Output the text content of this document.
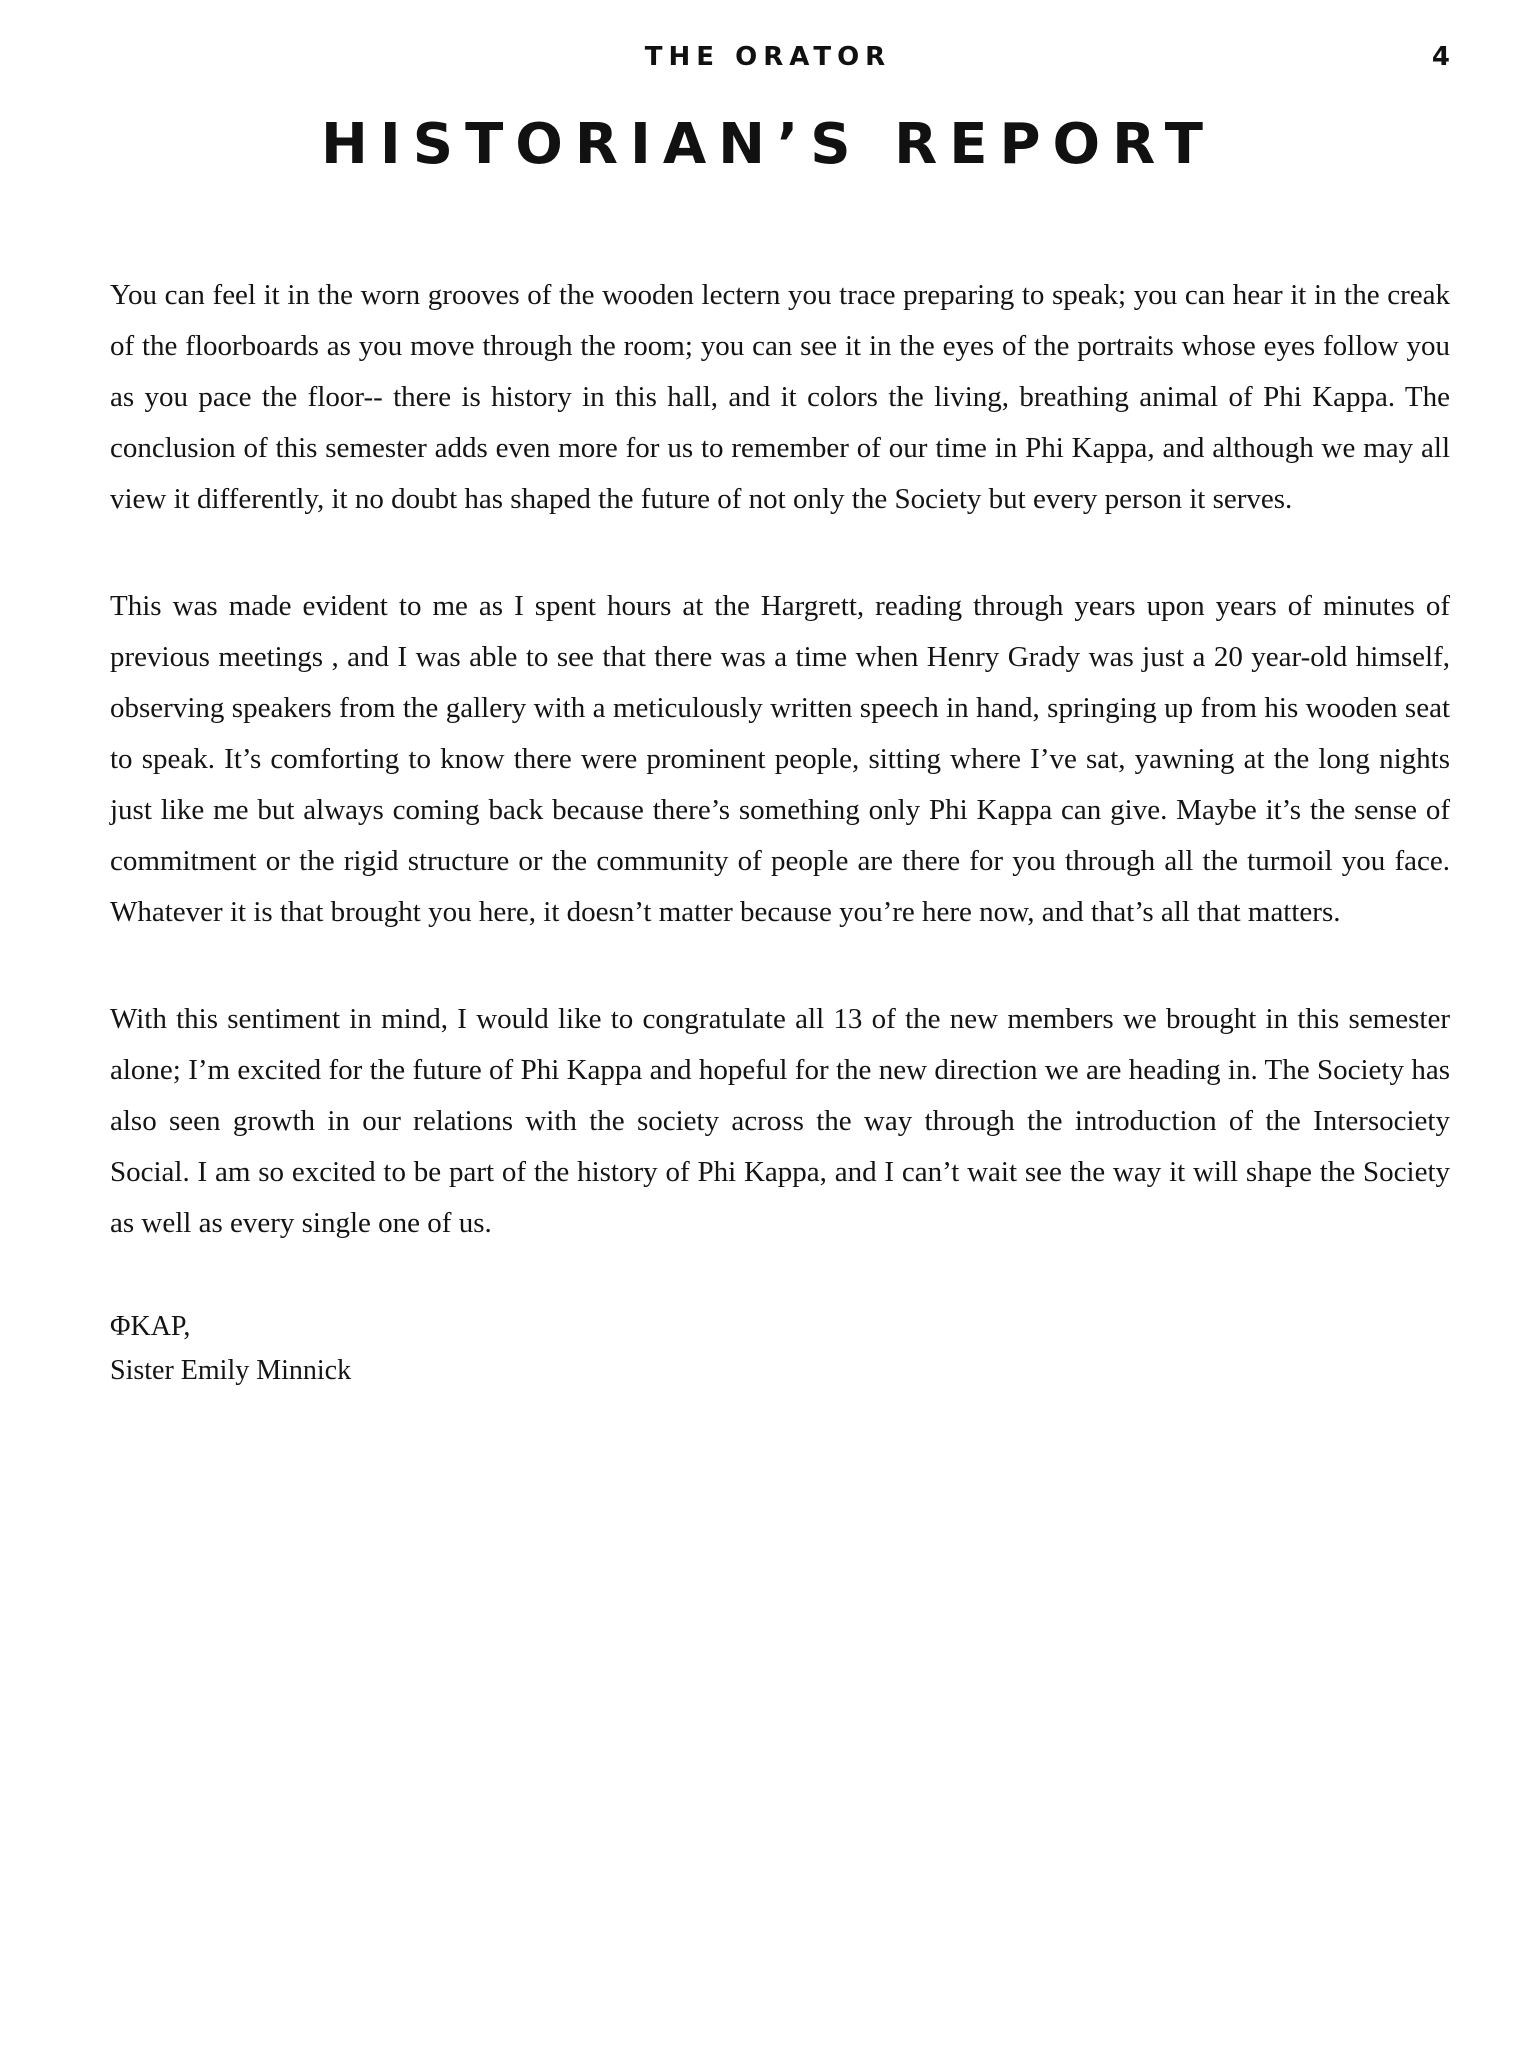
THE ORATOR	4
HISTORIAN’S REPORT

You can feel it in the worn grooves of the wooden lectern you trace preparing to speak; you can hear it in the creak of the floorboards as you move through the room; you can see it in the eyes of the portraits whose eyes follow you as you pace the floor-- there is history in this hall, and it colors the living, breathing animal of Phi Kappa. The conclusion of this semester adds even more for us to remember of our time in Phi Kappa, and although we may all view it differently, it no doubt has shaped the future of not only the Society but every person it serves.

This was made evident to me as I spent hours at the Hargrett, reading through years upon years of minutes of previous meetings , and I was able to see that there was a time when Henry Grady was just a 20 year-old himself, observing speakers from the gallery with a meticulously written speech in hand, springing up from his wooden seat to speak. It’s comforting to know there were prominent people, sitting where I’ve sat, yawning at the long nights just like me but always coming back because there’s something only Phi Kappa can give. Maybe it’s the sense of commitment or the rigid structure or the community of people are there for you through all the turmoil you face. Whatever it is that brought you here, it doesn’t matter because you’re here now, and that’s all that matters.

With this sentiment in mind, I would like to congratulate all 13 of the new members we brought in this semester alone; I’m excited for the future of Phi Kappa and hopeful for the new direction we are heading in. The Society has also seen growth in our relations with the society across the way through the introduction of the Intersociety Social. I am so excited to be part of the history of Phi Kappa, and I can’t wait see the way it will shape the Society as well as every single one of us.

ΦKAP,
Sister Emily Minnick
